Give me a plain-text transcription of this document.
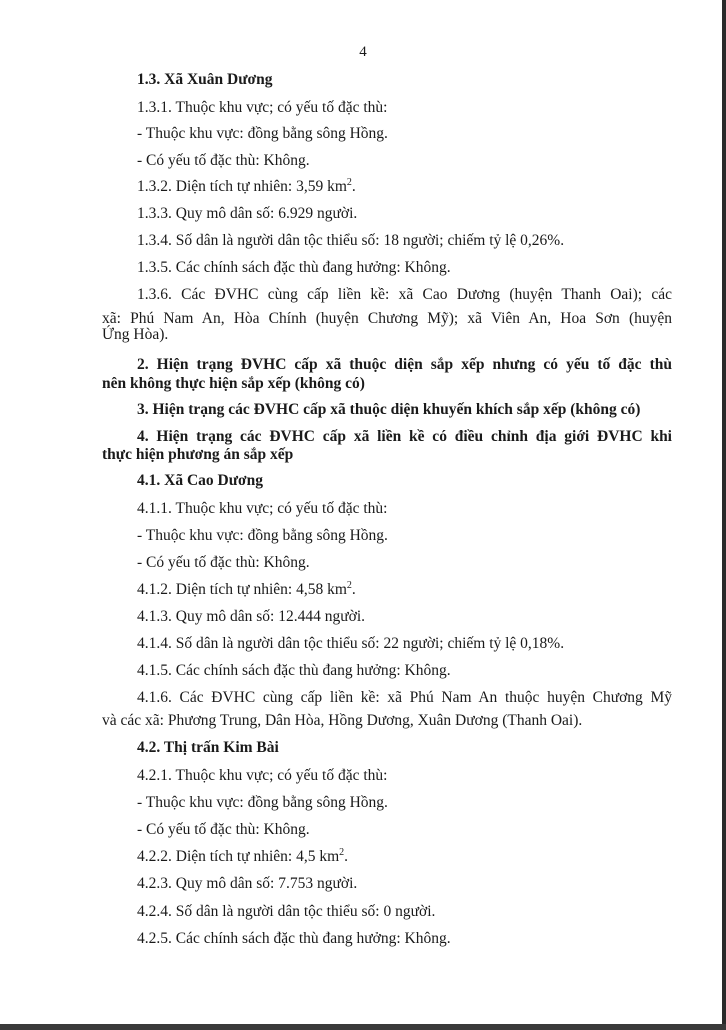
4
1.3. Xã Xuân Dương
1.3.1. Thuộc khu vực; có yếu tố đặc thù:
- Thuộc khu vực: đồng bằng sông Hồng.
- Có yếu tố đặc thù: Không.
1.3.2. Diện tích tự nhiên: 3,59 $km^2$.
1.3.3. Quy mô dân số: 6.929 người.
1.3.4. Số dân là người dân tộc thiểu số: 18 người; chiếm tỷ lệ 0,26%.
1.3.5. Các chính sách đặc thù đang hưởng: Không.
1.3.6. Các ĐVHC cùng cấp liền kề: xã Cao Dương (huyện Thanh Oai); các
xã: Phú Nam An, Hòa Chính (huyện Chương Mỹ); xã Viên An, Hoa Sơn (huyện
Ứng Hòa).
2. Hiện trạng ĐVHC cấp xã thuộc diện sắp xếp nhưng có yếu tố đặc thù
nên không thực hiện sắp xếp (không có)
3. Hiện trạng các ĐVHC cấp xã thuộc diện khuyến khích sắp xếp (không có)
4. Hiện trạng các ĐVHC cấp xã liền kề có điều chỉnh địa giới ĐVHC khi
thực hiện phương án sắp xếp
4.1. Xã Cao Dương
4.1.1. Thuộc khu vực; có yếu tố đặc thù:
- Thuộc khu vực: đồng bằng sông Hồng.
- Có yếu tố đặc thù: Không.
4.1.2. Diện tích tự nhiên: 4,58 $km^2$.
4.1.3. Quy mô dân số: 12.444 người.
4.1.4. Số dân là người dân tộc thiểu số: 22 người; chiếm tỷ lệ 0,18%.
4.1.5. Các chính sách đặc thù đang hưởng: Không.
4.1.6. Các ĐVHC cùng cấp liền kề: xã Phú Nam An thuộc huyện Chương Mỹ
và các xã: Phương Trung, Dân Hòa, Hồng Dương, Xuân Dương (Thanh Oai).
4.2. Thị trấn Kim Bài
4.2.1. Thuộc khu vực; có yếu tố đặc thù:
- Thuộc khu vực: đồng bằng sông Hồng.
- Có yếu tố đặc thù: Không.
4.2.2. Diện tích tự nhiên: 4,5 $km^2$.
4.2.3. Quy mô dân số: 7.753 người.
4.2.4. Số dân là người dân tộc thiểu số: 0 người.
4.2.5. Các chính sách đặc thù đang hưởng: Không.
